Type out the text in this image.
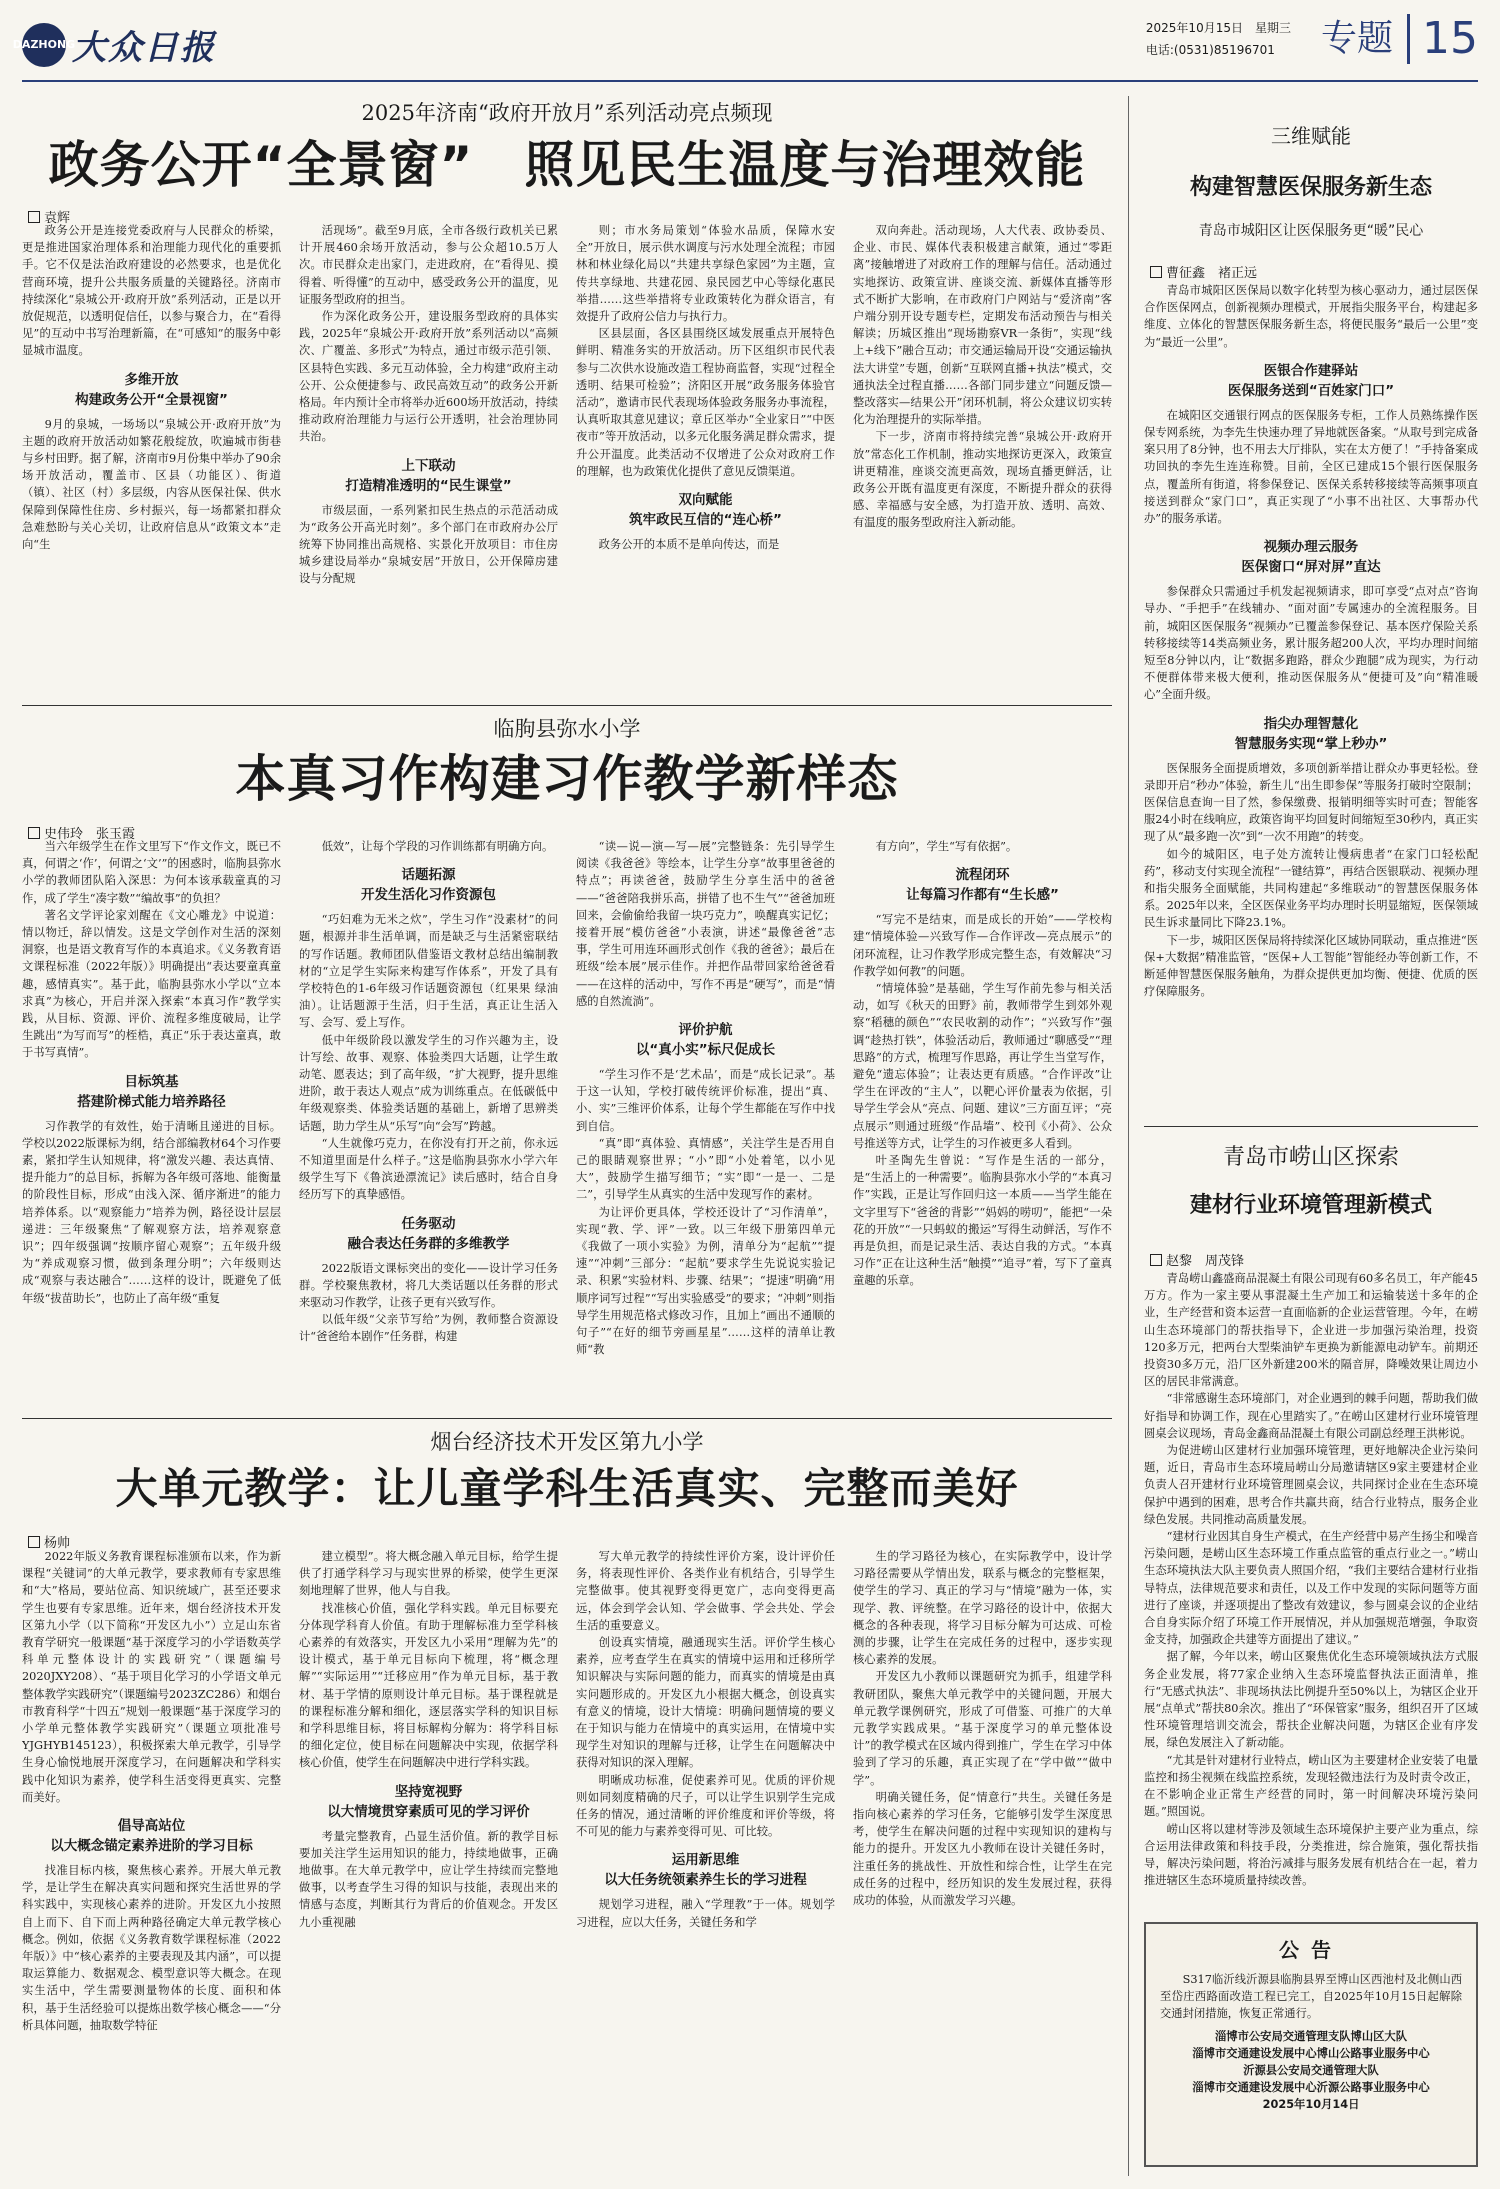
DAZHONG
大众日报	2025年10月15日　星期三
电话:(0531)85196701	专题 15
2025年济南“政府开放月”系列活动亮点频现
政务公开“全景窗”　照见民生温度与治理效能
袁辉

政务公开是连接党委政府与人民群众的桥梁，更是推进国家治理体系和治理能力现代化的重要抓手。它不仅是法治政府建设的必然要求，也是优化营商环境，提升公共服务质量的关键路径。济南市持续深化“泉城公开·政府开放”系列活动，正是以开放促规范，以透明促信任，以参与聚合力，在“看得见”的互动中书写治理新篇，在“可感知”的服务中彰显城市温度。

多维开放
构建政务公开“全景视窗”

9月的泉城，一场场以“泉城公开·政府开放”为主题的政府开放活动如繁花般绽放，吹遍城市街巷与乡村田野。据了解，济南市9月份集中举办了90余场开放活动，覆盖市、区县（功能区）、街道（镇）、社区（村）多层级，内容从医保社保、供水保障到保障性住房、乡村振兴，每一场都紧扣群众急难愁盼与关心关切，让政府信息从“政策文本”走向“生

活现场”。截至9月底，全市各级行政机关已累计开展460余场开放活动，参与公众超10.5万人次。市民群众走出家门，走进政府，在“看得见、摸得着、听得懂”的互动中，感受政务公开的温度，见证服务型政府的担当。

作为深化政务公开，建设服务型政府的具体实践，2025年“泉城公开·政府开放”系列活动以“高频次、广覆盖、多形式”为特点，通过市级示范引领、区县特色实践、多元互动体验，全力构建“政府主动公开、公众便捷参与、政民高效互动”的政务公开新格局。年内预计全市将举办近600场开放活动，持续推动政府治理能力与运行公开透明，社会治理协同共治。

上下联动
打造精准透明的“民生课堂”

市级层面，一系列紧扣民生热点的示范活动成为“政务公开高光时刻”。多个部门在市政府办公厅统筹下协同推出高规格、实景化开放项目：市住房城乡建设局举办“泉城安居”开放日，公开保障房建设与分配规

则；市水务局策划“体验水品质，保障水安全”开放日，展示供水调度与污水处理全流程；市园林和林业绿化局以“共建共享绿色家园”为主题，宣传共享绿地、共建花园、泉民园艺中心等绿化惠民举措……这些举措将专业政策转化为群众语言，有效提升了政府公信力与执行力。

区县层面，各区县围绕区域发展重点开展特色鲜明、精准务实的开放活动。历下区组织市民代表参与二次供水设施改造工程协商监督，实现“过程全透明、结果可检验”；济阳区开展“政务服务体验官活动”，邀请市民代表现场体验政务服务办事流程，认真听取其意见建议；章丘区举办“全业家日”“中医夜市”等开放活动，以多元化服务满足群众需求，提升公开温度。此类活动不仅增进了公众对政府工作的理解，也为政策优化提供了意见反馈渠道。

双向赋能
筑牢政民互信的“连心桥”

政务公开的本质不是单向传达，而是

双向奔赴。活动现场，人大代表、政协委员、企业、市民、媒体代表积极建言献策，通过“零距离”接触增进了对政府工作的理解与信任。活动通过实地探访、政策宣讲、座谈交流、新媒体直播等形式不断扩大影响，在市政府门户网站与“爱济南”客户端分别开设专题专栏，定期发布活动预告与相关解读；历城区推出“现场勘察VR一条街”，实现“线上+线下”融合互动；市交通运输局开设“交通运输执法大讲堂”专题，创新“互联网直播+执法”模式，交通执法全过程直播……各部门同步建立“问题反馈—整改落实—结果公开”闭环机制，将公众建议切实转化为治理提升的实际举措。

下一步，济南市将持续完善“泉城公开·政府开放”常态化工作机制，推动实地探访更深入，政策宣讲更精准，座谈交流更高效，现场直播更鲜活，让政务公开既有温度更有深度，不断提升群众的获得感、幸福感与安全感，为打造开放、透明、高效、有温度的服务型政府注入新动能。

临朐县弥水小学
本真习作构建习作教学新样态
史伟玲　张玉霞

当六年级学生在作文里写下“作文作文，既已不真，何谓之‘作’，何谓之‘文’”的困惑时，临朐县弥水小学的教师团队陷入深思：为何本该承载童真的习作，成了学生“凑字数”“编故事”的负担？

著名文学评论家刘醒在《文心雕龙》中说道：情以物迁，辞以情发。这是文学创作对生活的深刻洞察，也是语文教育写作的本真追求。《义务教育语文课程标准（2022年版）》明确提出“表达要童真童趣，感情真实”。基于此，临朐县弥水小学以“立本求真”为核心，开启并深入探索“本真习作”教学实践，从目标、资源、评价、流程多维度破局，让学生跳出“为写而写”的桎梏，真正“乐于表达童真，敢于书写真情”。

目标筑基
搭建阶梯式能力培养路径

习作教学的有效性，始于清晰且递进的目标。学校以2022版课标为纲，结合部编教材64个习作要素，紧扣学生认知规律，将“激发兴趣、表达真情、提升能力”的总目标，拆解为各年级可落地、能衡量的阶段性目标，形成“由浅入深、循序渐进”的能力培养体系。以“观察能力”培养为例，路径设计层层递进：三年级聚焦“了解观察方法，培养观察意识”；四年级强调“按顺序留心观察”；五年级升级为“养成观察习惯，做到条理分明”；六年级则达成“观察与表达融合”……这样的设计，既避免了低年级“拔苗助长”，也防止了高年级“重复

低效”，让每个学段的习作训练都有明确方向。

话题拓源
开发生活化习作资源包

“巧妇难为无米之炊”，学生习作“没素材”的问题，根源并非生活单调，而是缺乏与生活紧密联结的写作话题。教师团队借鉴语文教材总结出编制教材的“立足学生实际来构建写作体系”，开发了具有学校特色的1-6年级习作话题资源包（红果果 绿油油）。让话题源于生活，归于生活，真正让生活入写、会写、爱上写作。

低中年级阶段以激发学生的习作兴趣为主，设计写绘、故事、观察、体验类四大话题，让学生敢动笔、愿表达；到了高年级，“扩大视野，提升思维进阶，敢于表达人观点”成为训练重点。在低碳低中年级观察类、体验类话题的基础上，新增了思辨类话题，助力学生从“乐写”向“会写”跨越。

“人生就像巧克力，在你没有打开之前，你永远不知道里面是什么样子。”这是临朐县弥水小学六年级学生写下《鲁滨逊漂流记》读后感时，结合自身经历写下的真挚感悟。

任务驱动
融合表达任务群的多维教学

2022版语文课标突出的变化——设计学习任务群。学校聚焦教材，将几大类话题以任务群的形式来驱动习作教学，让孩子更有兴致写作。

以低年级“父亲节写给”为例，教师整合资源设计“爸爸给本剧作”任务群，构建

“读—说—演—写—展”完整链条：先引导学生阅读《我爸爸》等绘本，让学生分享“故事里爸爸的特点”；再读爸爸，鼓励学生分享生活中的爸爸——“爸爸陪我拼乐高，拼错了也不生气”“爸爸加班回来，会偷偷给我留一块巧克力”，唤醒真实记忆；接着开展“模仿爸爸”小表演，讲述“最像爸爸”志事，学生可用连环画形式创作《我的爸爸》；最后在班级“绘本展”展示佳作。并把作品带回家给爸爸看——在这样的活动中，写作不再是“硬写”，而是“情感的自然流淌”。

评价护航
以“真小实”标尺促成长

“学生习作不是‘艺术品’，而是“成长记录”。基于这一认知，学校打破传统评价标准，提出“真、小、实”三维评价体系，让每个学生都能在写作中找到自信。

“真”即“真体验、真情感”，关注学生是否用自己的眼睛观察世界；“小”即“小处着笔，以小见大”，鼓励学生描写细节；“实”即“一是一、二是二”，引导学生从真实的生活中发现写作的素材。

为让评价更具体，学校还设计了“习作清单”，实现“教、学、评”一致。以三年级下册第四单元《我做了一项小实验》为例，清单分为“起航”“提速”“冲刺”三部分：“起航”要求学生先说说实验记录、积累“实验材料、步骤、结果”；“提速”明确“用顺序词写过程”“写出实验感受”的要求；“冲刺”则指导学生用规范格式修改习作，且加上“画出不通顺的句子”“在好的细节旁画星星”……这样的清单让教师“教

有方向”，学生“写有依据”。

流程闭环
让每篇习作都有“生长感”

“写完不是结束，而是成长的开始”——学校构建“情境体验—兴致写作—合作评改—亮点展示”的闭环流程，让习作教学形成完整生态，有效解决“习作教学如何教”的问题。

“情境体验”是基础，学生写作前先参与相关活动，如写《秋天的田野》前，教师带学生到郊外观察“稻穗的颜色”“农民收割的动作”；“兴致写作”强调“趁热打铁”，体验活动后，教师通过“聊感受”“理思路”的方式，梳理写作思路，再让学生当堂写作，避免“遗忘体验”；让表达更有质感。“合作评改”让学生在评改的“主人”，以靶心评价量表为依据，引导学生学会从“亮点、问题、建议”三方面互评；“亮点展示”则通过班级“作品墙”、校刊《小荷》、公众号推送等方式，让学生的习作被更多人看到。

叶圣陶先生曾说：“写作是生活的一部分，是“生活上的一种需要”。临朐县弥水小学的“本真习作”实践，正是让写作回归这一本质——当学生能在文字里写下“爸爸的背影”“妈妈的唠叨”，能把“一朵花的开放”“一只蚂蚁的搬运”写得生动鲜活，写作不再是负担，而是记录生活、表达自我的方式。“本真习作”正在让这种生活“触摸”“追寻”着，写下了童真童趣的乐章。

烟台经济技术开发区第九小学
大单元教学：让儿童学科生活真实、完整而美好
杨帅

2022年版义务教育课程标准颁布以来，作为新课程“关键词”的大单元教学，要求教师有专家思维和“大”格局，要站位高、知识统域广，甚至还要求学生也要有专家思维。近年来，烟台经济技术开发区第九小学（以下简称“开发区九小”）立足山东省教育学研究一般课题“基于深度学习的小学语数英学科单元整体设计的实践研究”（课题编号2020JXY208）、“基于项目化学习的小学语文单元整体教学实践研究”（课题编号2023ZC286）和烟台市教育科学“十四五”规划一般课题“基于深度学习的小学单元整体教学实践研究”（课题立项批准号YJGHYB145123），积极探索大单元教学，引导学生身心愉悦地展开深度学习，在问题解决和学科实践中化知识为素养，使学科生活变得更真实、完整而美好。

倡导高站位
以大概念锚定素养进阶的学习目标

找准目标内核，聚焦核心素养。开展大单元教学，是让学生在解决真实问题和探究生活世界的学科实践中，实现核心素养的进阶。开发区九小按照自上而下、自下而上两种路径确定大单元教学核心概念。例如，依据《义务教育数学课程标准（2022年版）》中“核心素养的主要表现及其内涵”，可以提取运算能力、数据观念、模型意识等大概念。在现实生活中，学生需要测量物体的长度、面积和体积，基于生活经验可以提炼出数学核心概念——“分析具体问题，抽取数学特征

建立模型”。将大概念融入单元目标，给学生提供了打通学科学习与现实世界的桥梁，使学生更深刻地理解了世界，他人与自我。

找准核心价值，强化学科实践。单元目标要充分体现学科育人价值。有助于理解标准力至学科核心素养的有效落实，开发区九小采用“理解为先”的设计模式，基于单元目标向下梳理，将“概念理解”“实际运用”“迁移应用”作为单元目标，基于教材、基于学情的原则设计单元目标。基于课程就是的课程标准分解和细化，逐层落实学科的知识目标和学科思维目标，将目标解构分解为：将学科目标的细化定位，使目标在问题解决中实现，依据学科核心价值，使学生在问题解决中进行学科实践。

坚持宽视野
以大情境贯穿素质可见的学习评价

考量完整教育，凸显生活价值。新的教学目标要加关注学生运用知识的能力，持续地做事，正确地做事。在大单元教学中，应让学生持续而完整地做事，以考查学生习得的知识与技能，表现出来的情感与态度，判断其行为背后的价值观念。开发区九小重视融

写大单元教学的持续性评价方案，设计评价任务，将表现性评价、各类作业有机结合，引导学生完整做事。使其视野变得更宽广，志向变得更高远，体会到学会认知、学会做事、学会共处、学会生活的重要意义。

创设真实情境，融通现实生活。评价学生核心素养，应考查学生在真实的情境中运用和迁移所学知识解决与实际问题的能力，而真实的情境是由真实问题形成的。开发区九小根据大概念，创设真实有意义的情境，设计大情境：明确问题情境的要义在于知识与能力在情境中的真实运用，在情境中实现学生对知识的理解与迁移，让学生在问题解决中获得对知识的深入理解。

明晰成功标准，促使素养可见。优质的评价规则如同刻度精确的尺子，可以让学生识别学生完成任务的情况，通过清晰的评价维度和评价等级，将不可见的能力与素养变得可见、可比较。

运用新思维
以大任务统领素养生长的学习进程

规划学习进程，融入“学理教”于一体。规划学习进程，应以大任务，关键任务和学

生的学习路径为核心，在实际教学中，设计学习路径需要从学情出发，联系与概念的完整框架，使学生的学习、真正的学习与“情境”融为一体，实现学、教、评统整。在学习路径的设计中，依据大概念的各种表现，将学习目标分解为可达成、可检测的步骤，让学生在完成任务的过程中，逐步实现核心素养的发展。

开发区九小教师以课题研究为抓手，组建学科教研团队，聚焦大单元教学中的关键问题，开展大单元教学课例研究，形成了可借鉴、可推广的大单元教学实践成果。“基于深度学习的单元整体设计”的教学模式在区域内得到推广，学生在学习中体验到了学习的乐趣，真正实现了在“学中做”“做中学”。

明确关键任务，促“情意行”共生。关键任务是指向核心素养的学习任务，它能够引发学生深度思考，使学生在解决问题的过程中实现知识的建构与能力的提升。开发区九小教师在设计关键任务时，注重任务的挑战性、开放性和综合性，让学生在完成任务的过程中，经历知识的发生发展过程，获得成功的体验，从而激发学习兴趣。

三维赋能
构建智慧医保服务新生态
青岛市城阳区让医保服务更“暖”民心
曹征鑫　褚正远

青岛市城阳区医保局以数字化转型为核心驱动力，通过层医保合作医保网点，创新视频办理模式，开展指尖服务平台，构建起多维度、立体化的智慧医保服务新生态，将便民服务“最后一公里”变为“最近一公里”。

医银合作建驿站
医保服务送到“百姓家门口”

在城阳区交通银行网点的医保服务专柜，工作人员熟练操作医保专网系统，为李先生快速办理了异地就医备案。“从取号到完成备案只用了8分钟，也不用去大厅排队，实在太方便了！”手持备案成功回执的李先生连连称赞。目前，全区已建成15个银行医保服务点，覆盖所有街道，将参保登记、医保关系转移接续等高频事项直接送到群众“家门口”，真正实现了“小事不出社区、大事帮办代办”的服务承诺。

视频办理云服务
医保窗口“屏对屏”直达

参保群众只需通过手机发起视频请求，即可享受“点对点”咨询导办、“手把手”在线辅办、“面对面”专属速办的全流程服务。目前，城阳区医保服务“视频办”已覆盖参保登记、基本医疗保险关系转移接续等14类高频业务，累计服务超200人次，平均办理时间缩短至8分钟以内，让“数据多跑路，群众少跑腿”成为现实，为行动不便群体带来极大便利，推动医保服务从“便捷可及”向“精准暖心”全面升级。

指尖办理智慧化
智慧服务实现“掌上秒办”

医保服务全面提质增效，多项创新举措让群众办事更轻松。登录即开启“秒办”体验，新生儿“出生即参保”等服务打破时空限制；医保信息查询一目了然，参保缴费、报销明细等实时可查；智能客服24小时在线响应，政策咨询平均回复时间缩短至30秒内，真正实现了从“最多跑一次”到“一次不用跑”的转变。

如今的城阳区，电子处方流转让慢病患者“在家门口轻松配药”，移动支付实现全流程“一键结算”，再结合医银联动、视频办理和指尖服务全面赋能，共同构建起“多维联动”的智慧医保服务体系。2025年以来，全区医保业务平均办理时长明显缩短，医保领域民生诉求量同比下降23.1%。

下一步，城阳区医保局将持续深化区域协同联动，重点推进“医保+大数据”精准监管，“医保+人工智能”智能经办等创新工作，不断延伸智慧医保服务触角，为群众提供更加均衡、便捷、优质的医疗保障服务。

青岛市崂山区探索
建材行业环境管理新模式
赵黎　周茂锋

青岛崂山鑫盛商品混凝土有限公司现有60多名员工，年产能45万方。作为一家主要从事混凝土生产加工和运输装送十多年的企业，生产经营和资本运营一直面临新的企业运营管理。今年，在崂山生态环境部门的帮扶指导下，企业进一步加强污染治理，投资120多万元，把两台大型柴油铲车更换为新能源电动铲车。前期还投资30多万元，沿厂区外新建200米的隔音屏，降噪效果让周边小区的居民非常满意。

“非常感谢生态环境部门，对企业遇到的棘手问题，帮助我们做好指导和协调工作，现在心里踏实了。”在崂山区建材行业环境管理圆桌会议现场，青岛金鑫商品混凝土有限公司副总经理王洪彬说。

为促进崂山区建材行业加强环境管理，更好地解决企业污染问题，近日，青岛市生态环境局崂山分局邀请辖区9家主要建材企业负责人召开建材行业环境管理圆桌会议，共同探讨企业在生态环境保护中遇到的困难，思考合作共赢共商，结合行业特点，服务企业绿色发展。共同推动高质量发展。

“建材行业因其自身生产模式，在生产经营中易产生扬尘和噪音污染问题，是崂山区生态环境工作重点监管的重点行业之一。”崂山生态环境执法大队主要负责人照国介绍，“我们主要结合建材行业指导特点，法律规范要求和责任，以及工作中发现的实际问题等方面进行了座谈，并逐项提出了整改有效建议，参与圆桌会议的企业结合自身实际介绍了环境工作开展情况，并从加强规范增强，争取资金支持，加强政企共建等方面提出了建议。”

据了解，今年以来，崂山区聚焦优化生态环境领域执法方式服务企业发展，将77家企业纳入生态环境监督执法正面清单，推行“无感式执法”、非现场执法比例提升至50%以上，为辖区企业开展“点单式”帮扶80余次。推出了“环保管家”服务，组织召开了区域性环境管理培训交流会，帮扶企业解决问题，为辖区企业有序发展，绿色发展注入了新动能。

“尤其是针对建材行业特点，崂山区为主要建材企业安装了电量监控和扬尘视频在线监控系统，发现轻微违法行为及时责令改正，在不影响企业正常生产经营的同时，第一时间解决环境污染问题。”照国说。

崂山区将以建材等涉及领域生态环境保护主要产业为重点，综合运用法律政策和科技手段，分类推进，综合施策，强化帮扶指导，解决污染问题，将治污减排与服务发展有机结合在一起，着力推进辖区生态环境质量持续改善。

公告
S317临沂线沂源县临朐县界至博山区西池村及北侧山西至岱庄西路面改造工程已完工，自2025年10月15日起解除交通封闭措施，恢复正常通行。
淄博市公安局交通管理支队博山区大队
淄博市交通建设发展中心博山公路事业服务中心
沂源县公安局交通管理大队
淄博市交通建设发展中心沂源公路事业服务中心
2025年10月14日
